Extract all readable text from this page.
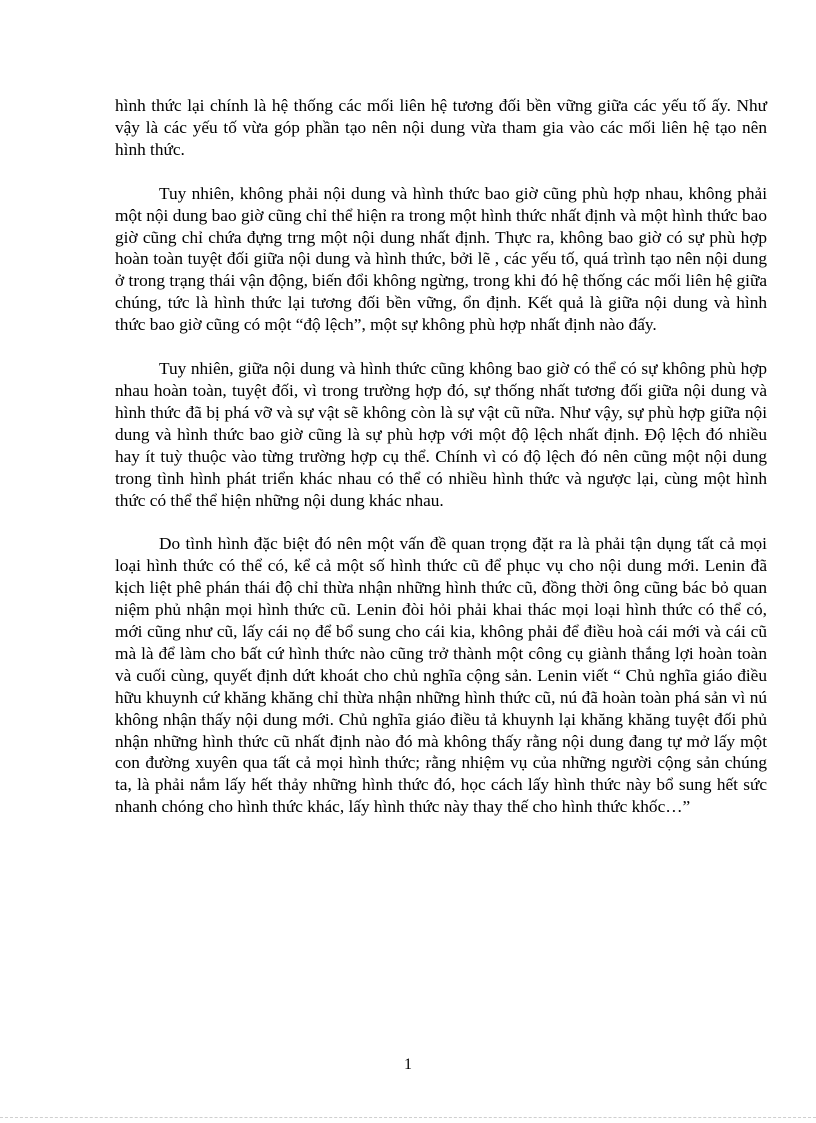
hình thức lại chính là hệ thống các mối liên hệ tương đối bền vững giữa các yếu tố ấy. Như vậy là các yếu tố vừa góp phần tạo nên nội dung vừa tham gia vào các mối liên hệ tạo nên hình thức.

Tuy nhiên, không phải nội dung và hình thức bao giờ cũng phù hợp nhau, không phải một nội dung bao giờ cũng chỉ thể hiện ra trong một hình thức nhất định và một hình thức bao giờ cũng chỉ chứa đựng trng một nội dung nhất định. Thực ra, không bao giờ có sự phù hợp hoàn toàn tuyệt đối giữa nội dung và hình thức, bởi lẽ , các yếu tố, quá trình tạo nên nội dung ở trong trạng thái vận động, biến đổi không ngừng, trong khi đó hệ thống các mối liên hệ giữa chúng, tức là hình thức lại tương đối bền vững, ổn định. Kết quả là giữa nội dung và hình thức bao giờ cũng có một “độ lệch”, một sự không phù hợp nhất định nào đấy.

Tuy nhiên, giữa nội dung và hình thức cũng không bao giờ có thể có sự không phù hợp nhau hoàn toàn, tuyệt đối, vì trong trường hợp đó, sự thống nhất tương đối giữa nội dung và hình thức đã bị phá vỡ và sự vật sẽ không còn là sự vật cũ nữa. Như vậy, sự phù hợp giữa nội dung và hình thức bao giờ cũng là sự phù hợp với một độ lệch nhất định. Độ lệch đó nhiều hay ít tuỳ thuộc vào từng trường hợp cụ thể. Chính vì có độ lệch đó nên cũng một nội dung trong tình hình phát triển khác nhau có thể có nhiều hình thức và ngược lại, cùng một hình thức có thể thể hiện những nội dung khác nhau.

Do tình hình đặc biệt đó nên một vấn đề quan trọng đặt ra là phải tận dụng tất cả mọi loại hình thức có thể có, kể cả một số hình thức cũ để phục vụ cho nội dung mới. Lenin đã kịch liệt phê phán thái độ chỉ thừa nhận những hình thức cũ, đồng thời ông cũng bác bỏ quan niệm phủ nhận mọi hình thức cũ. Lenin đòi hỏi phải khai thác mọi loại hình thức có thể có, mới cũng như cũ, lấy cái nọ để bổ sung cho cái kia, không phải để điều hoà cái mới và cái cũ mà là để làm cho bất cứ hình thức nào cũng trở thành một công cụ giành thắng lợi hoàn toàn và cuối cùng, quyết định dứt khoát cho chủ nghĩa cộng sản. Lenin viết “ Chủ nghĩa giáo điều hữu khuynh cứ khăng khăng chỉ thừa nhận những hình thức cũ, nú đã hoàn toàn phá sản vì nú không nhận thấy nội dung mới. Chủ nghĩa giáo điều tả khuynh lại khăng khăng tuyệt đối phủ nhận những hình thức cũ nhất định nào đó mà không thấy rằng nội dung đang tự mở lấy một con đường xuyên qua tất cả mọi hình thức; rằng nhiệm vụ của những người cộng sản chúng ta, là phải nắm lấy hết thảy những hình thức đó, học cách lấy hình thức này bổ sung hết sức nhanh chóng cho hình thức khác, lấy hình thức này thay thế cho hình thức khốc…”

1
